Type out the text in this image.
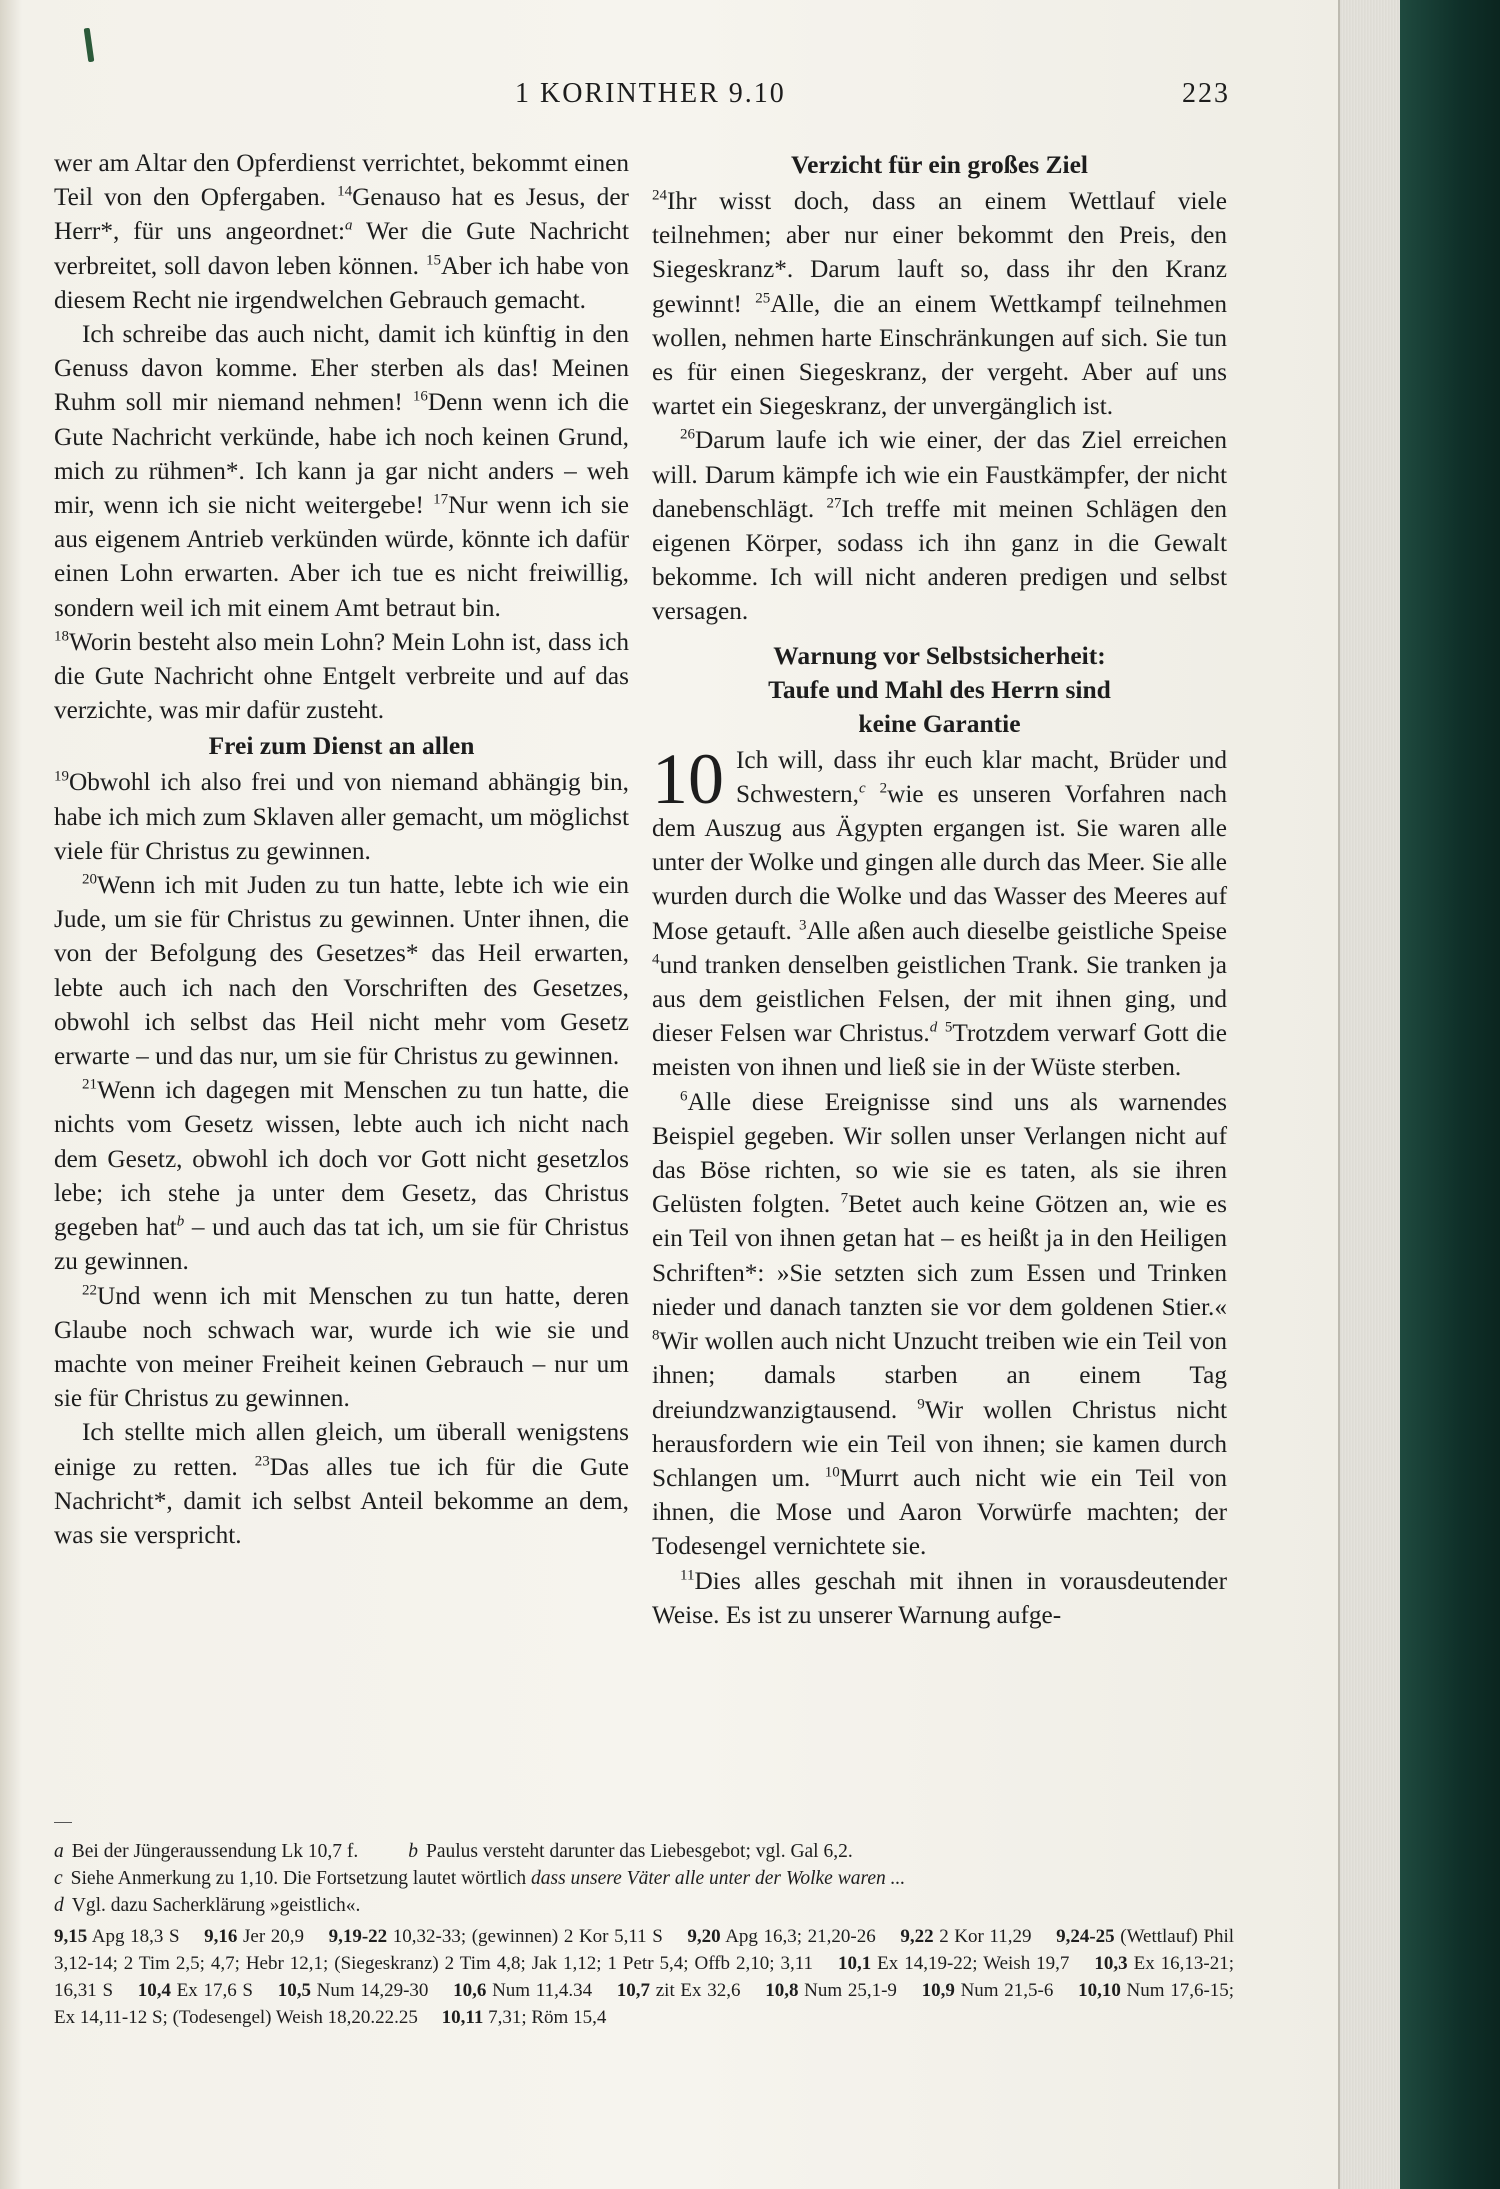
1 KORINTHER 9.10	223

wer am Altar den Opferdienst verrichtet, bekommt einen Teil von den Opfergaben. $^{14}$Genauso hat es Jesus, der Herr*, für uns angeordnet:$^a$ Wer die Gute Nachricht verbreitet, soll davon leben können. $^{15}$Aber ich habe von diesem Recht nie irgendwelchen Gebrauch gemacht.

Ich schreibe das auch nicht, damit ich künftig in den Genuss davon komme. Eher sterben als das! Meinen Ruhm soll mir niemand nehmen! $^{16}$Denn wenn ich die Gute Nachricht verkünde, habe ich noch keinen Grund, mich zu rühmen*. Ich kann ja gar nicht anders – weh mir, wenn ich sie nicht weitergebe! $^{17}$Nur wenn ich sie aus eigenem Antrieb verkünden würde, könnte ich dafür einen Lohn erwarten. Aber ich tue es nicht freiwillig, sondern weil ich mit einem Amt betraut bin.

$^{18}$Worin besteht also mein Lohn? Mein Lohn ist, dass ich die Gute Nachricht ohne Entgelt verbreite und auf das verzichte, was mir dafür zusteht.

Frei zum Dienst an allen

$^{19}$Obwohl ich also frei und von niemand abhängig bin, habe ich mich zum Sklaven aller gemacht, um möglichst viele für Christus zu gewinnen.

$^{20}$Wenn ich mit Juden zu tun hatte, lebte ich wie ein Jude, um sie für Christus zu gewinnen. Unter ihnen, die von der Befolgung des Gesetzes* das Heil erwarten, lebte auch ich nach den Vorschriften des Gesetzes, obwohl ich selbst das Heil nicht mehr vom Gesetz erwarte – und das nur, um sie für Christus zu gewinnen.

$^{21}$Wenn ich dagegen mit Menschen zu tun hatte, die nichts vom Gesetz wissen, lebte auch ich nicht nach dem Gesetz, obwohl ich doch vor Gott nicht gesetzlos lebe; ich stehe ja unter dem Gesetz, das Christus gegeben hat$^b$ – und auch das tat ich, um sie für Christus zu gewinnen.

$^{22}$Und wenn ich mit Menschen zu tun hatte, deren Glaube noch schwach war, wurde ich wie sie und machte von meiner Freiheit keinen Gebrauch – nur um sie für Christus zu gewinnen.

Ich stellte mich allen gleich, um überall wenigstens einige zu retten. $^{23}$Das alles tue ich für die Gute Nachricht*, damit ich selbst Anteil bekomme an dem, was sie verspricht.

Verzicht für ein großes Ziel

$^{24}$Ihr wisst doch, dass an einem Wettlauf viele teilnehmen; aber nur einer bekommt den Preis, den Siegeskranz*. Darum lauft so, dass ihr den Kranz gewinnt! $^{25}$Alle, die an einem Wettkampf teilnehmen wollen, nehmen harte Einschränkungen auf sich. Sie tun es für einen Siegeskranz, der vergeht. Aber auf uns wartet ein Siegeskranz, der unvergänglich ist.

$^{26}$Darum laufe ich wie einer, der das Ziel erreichen will. Darum kämpfe ich wie ein Faustkämpfer, der nicht danebenschlägt. $^{27}$Ich treffe mit meinen Schlägen den eigenen Körper, sodass ich ihn ganz in die Gewalt bekomme. Ich will nicht anderen predigen und selbst versagen.

Warnung vor Selbstsicherheit:
Taufe und Mahl des Herrn sind
keine Garantie

10 Ich will, dass ihr euch klar macht, Brüder und Schwestern,$^c$ $^2$wie es unseren Vorfahren nach dem Auszug aus Ägypten ergangen ist. Sie waren alle unter der Wolke und gingen alle durch das Meer. Sie alle wurden durch die Wolke und das Wasser des Meeres auf Mose getauft. $^3$Alle aßen auch dieselbe geistliche Speise $^4$und tranken denselben geistlichen Trank. Sie tranken ja aus dem geistlichen Felsen, der mit ihnen ging, und dieser Felsen war Christus.$^d$ $^5$Trotzdem verwarf Gott die meisten von ihnen und ließ sie in der Wüste sterben.

$^6$Alle diese Ereignisse sind uns als warnendes Beispiel gegeben. Wir sollen unser Verlangen nicht auf das Böse richten, so wie sie es taten, als sie ihren Gelüsten folgten. $^7$Betet auch keine Götzen an, wie es ein Teil von ihnen getan hat – es heißt ja in den Heiligen Schriften*: »Sie setzten sich zum Essen und Trinken nieder und danach tanzten sie vor dem goldenen Stier.« $^8$Wir wollen auch nicht Unzucht treiben wie ein Teil von ihnen; damals starben an einem Tag dreiundzwanzigtausend. $^9$Wir wollen Christus nicht herausfordern wie ein Teil von ihnen; sie kamen durch Schlangen um. $^{10}$Murrt auch nicht wie ein Teil von ihnen, die Mose und Aaron Vorwürfe machten; der Todesengel vernichtete sie.

$^{11}$Dies alles geschah mit ihnen in vorausdeutender Weise. Es ist zu unserer Warnung aufge-

a Bei der Jüngeraussendung Lk 10,7 f.	b Paulus versteht darunter das Liebesgebot; vgl. Gal 6,2.
c Siehe Anmerkung zu 1,10. Die Fortsetzung lautet wörtlich dass unsere Väter alle unter der Wolke waren ...
d Vgl. dazu Sacherklärung »geistlich«.
9,15 Apg 18,3 S  9,16 Jer 20,9  9,19-22 10,32-33; (gewinnen) 2 Kor 5,11 S  9,20 Apg 16,3; 21,20-26  9,22 2 Kor 11,29  9,24-25 (Wettlauf) Phil 3,12-14; 2 Tim 2,5; 4,7; Hebr 12,1; (Siegeskranz) 2 Tim 4,8; Jak 1,12; 1 Petr 5,4; Offb 2,10; 3,11  10,1 Ex 14,19-22; Weish 19,7  10,3 Ex 16,13-21; 16,31 S  10,4 Ex 17,6 S  10,5 Num 14,29-30  10,6 Num 11,4.34  10,7 zit Ex 32,6  10,8 Num 25,1-9  10,9 Num 21,5-6  10,10 Num 17,6-15; Ex 14,11-12 S; (Todesengel) Weish 18,20.22.25  10,11 7,31; Röm 15,4
